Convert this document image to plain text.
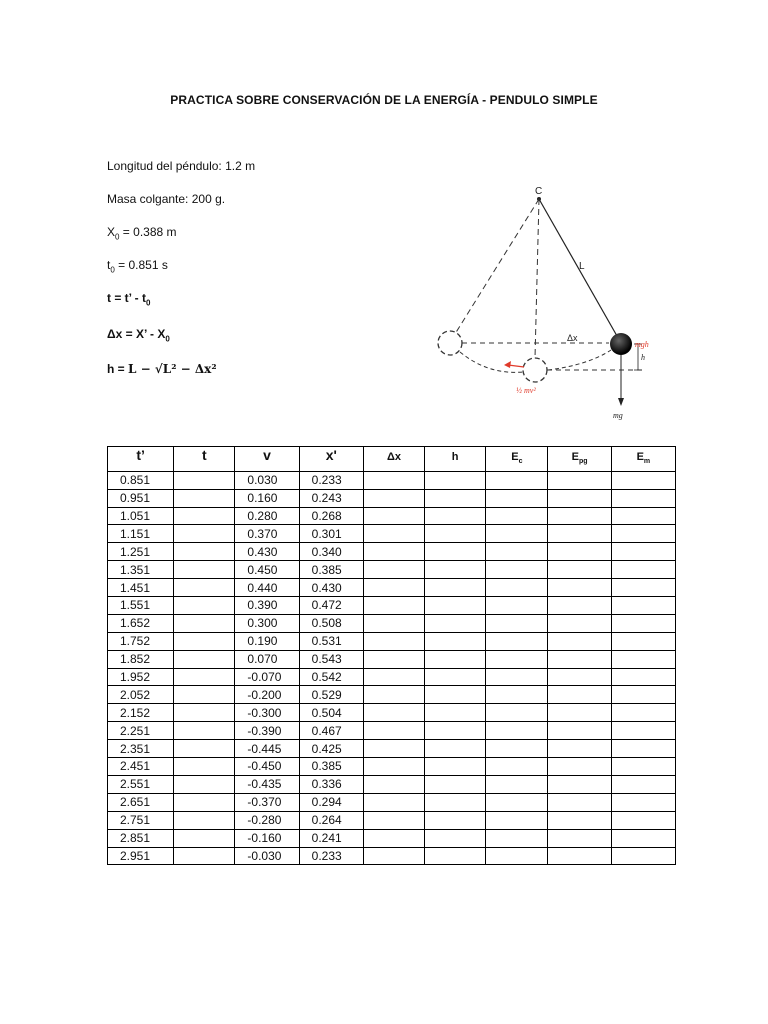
PRACTICA SOBRE CONSERVACIÓN DE LA ENERGÍA - PENDULO SIMPLE
Longitud del péndulo: 1.2 m
Masa colgante: 200 g.
$X_0 = 0.388$ m
$t_0 = 0.851$ s
t = t’ - $t_0$
Δx = X’ - $X_0$
h = L − √L² − Δx²
C
L
Δx
h
mgh
mg
½ mv²
t’	t	v	x'	Δx	h	$E_c$	$E_{pg}$	$E_m$
0.851		0.030	0.233					
0.951		0.160	0.243					
1.051		0.280	0.268					
1.151		0.370	0.301					
1.251		0.430	0.340					
1.351		0.450	0.385					
1.451		0.440	0.430					
1.551		0.390	0.472					
1.652		0.300	0.508					
1.752		0.190	0.531					
1.852		0.070	0.543					
1.952		-0.070	0.542					
2.052		-0.200	0.529					
2.152		-0.300	0.504					
2.251		-0.390	0.467					
2.351		-0.445	0.425					
2.451		-0.450	0.385					
2.551		-0.435	0.336					
2.651		-0.370	0.294					
2.751		-0.280	0.264					
2.851		-0.160	0.241					
2.951		-0.030	0.233					
